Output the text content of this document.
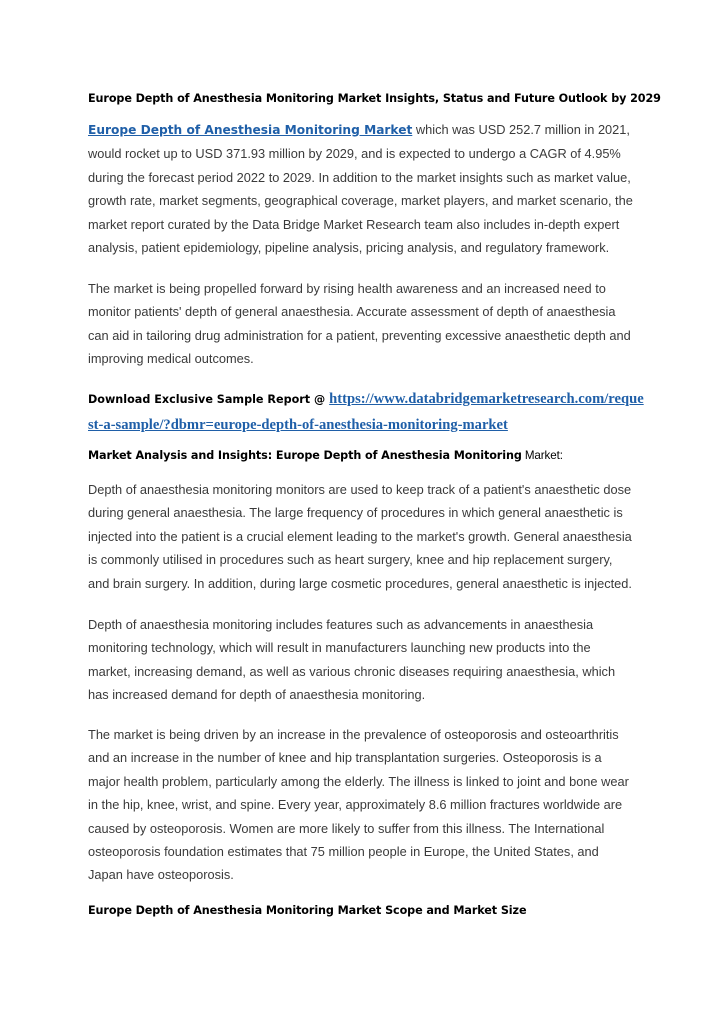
Europe Depth of Anesthesia Monitoring Market Insights, Status and Future Outlook by 2029

Europe Depth of Anesthesia Monitoring Market which was USD 252.7 million in 2021, would rocket up to USD 371.93 million by 2029, and is expected to undergo a CAGR of 4.95% during the forecast period 2022 to 2029. In addition to the market insights such as market value, growth rate, market segments, geographical coverage, market players, and market scenario, the market report curated by the Data Bridge Market Research team also includes in-depth expert analysis, patient epidemiology, pipeline analysis, pricing analysis, and regulatory framework.

The market is being propelled forward by rising health awareness and an increased need to monitor patients' depth of general anaesthesia. Accurate assessment of depth of anaesthesia can aid in tailoring drug administration for a patient, preventing excessive anaesthetic depth and improving medical outcomes.

Download Exclusive Sample Report @ https://www.databridgemarketresearch.com/request-a-sample/?dbmr=europe-depth-of-anesthesia-monitoring-market

Market Analysis and Insights: Europe Depth of Anesthesia Monitoring Market:

Depth of anaesthesia monitoring monitors are used to keep track of a patient's anaesthetic dose during general anaesthesia. The large frequency of procedures in which general anaesthetic is injected into the patient is a crucial element leading to the market's growth. General anaesthesia is commonly utilised in procedures such as heart surgery, knee and hip replacement surgery, and brain surgery. In addition, during large cosmetic procedures, general anaesthetic is injected.

Depth of anaesthesia monitoring includes features such as advancements in anaesthesia monitoring technology, which will result in manufacturers launching new products into the market, increasing demand, as well as various chronic diseases requiring anaesthesia, which has increased demand for depth of anaesthesia monitoring.

The market is being driven by an increase in the prevalence of osteoporosis and osteoarthritis and an increase in the number of knee and hip transplantation surgeries. Osteoporosis is a major health problem, particularly among the elderly. The illness is linked to joint and bone wear in the hip, knee, wrist, and spine. Every year, approximately 8.6 million fractures worldwide are caused by osteoporosis. Women are more likely to suffer from this illness. The International osteoporosis foundation estimates that 75 million people in Europe, the United States, and Japan have osteoporosis.

Europe Depth of Anesthesia Monitoring Market Scope and Market Size
